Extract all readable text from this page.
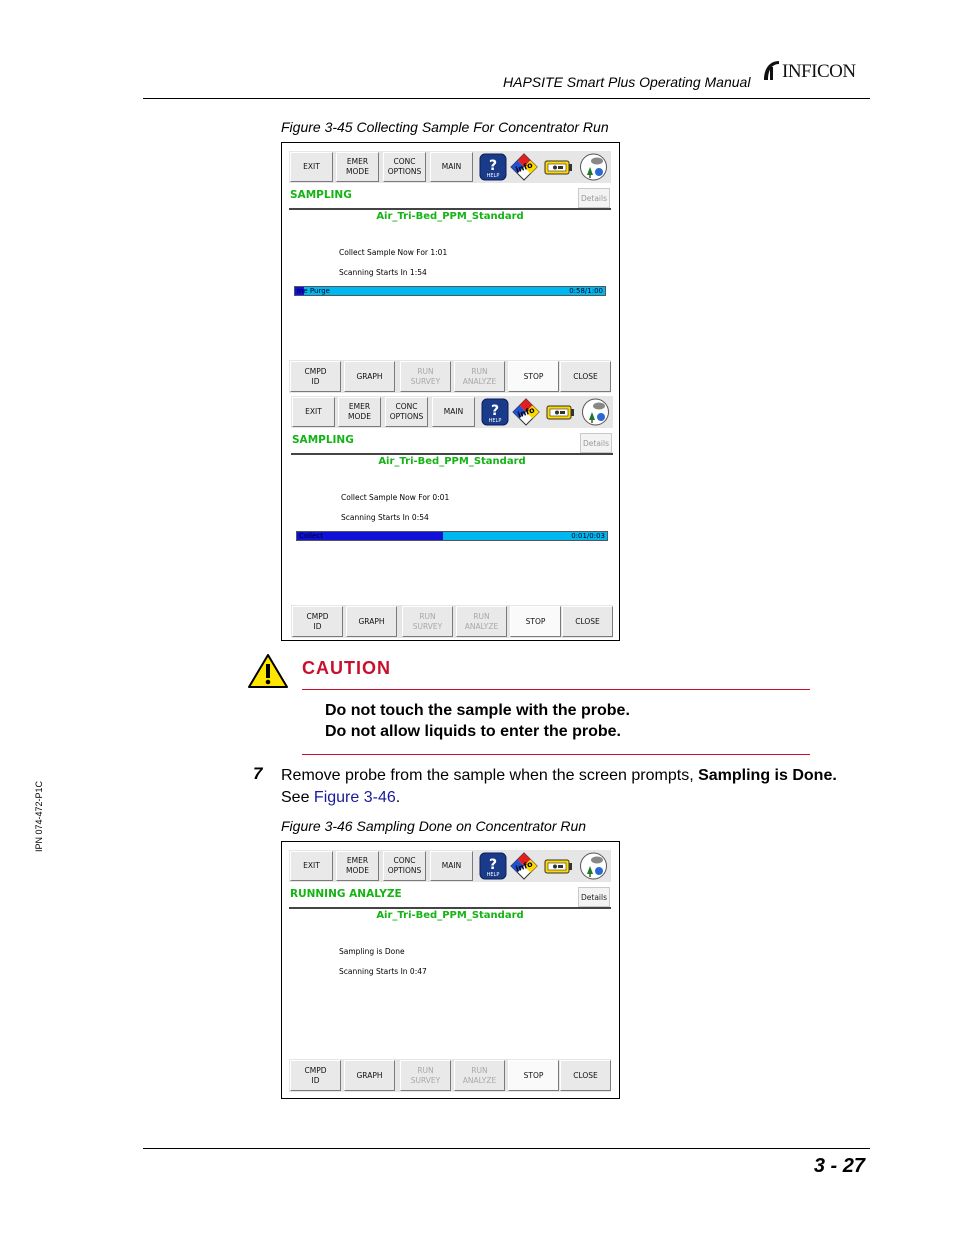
HAPSITE Smart Plus Operating Manual INFICON
Figure 3-45 Collecting Sample For Concentrator Run
EXIT
EMER
MODE
CONC
OPTIONS
MAIN	?
HELP
info
SAMPLING	Details
Air_Tri-Bed_PPM_Standard
Collect Sample Now For 1:01
Scanning Starts In 1:54
ine Purge	0:58/1:00
CMPD
ID
GRAPH
RUN
SURVEY
RUN
ANALYZE
STOP	CLOSE
EXIT
EMER
MODE
CONC
OPTIONS
MAIN	?
HELP
info
SAMPLING	Details
Air_Tri-Bed_PPM_Standard
Collect Sample Now For 0:01
Scanning Starts In 0:54
Collect	0:01/0:03
CMPD
ID
GRAPH
RUN
SURVEY
RUN
ANALYZE
STOP	CLOSE
EXIT
EMER
MODE
CONC
OPTIONS
MAIN	?
HELP
info
RUNNING ANALYZE	Details
Air_Tri-Bed_PPM_Standard
Sampling is Done
Scanning Starts In 0:47
CMPD
ID
GRAPH
RUN
SURVEY
RUN
ANALYZE
STOP	CLOSE
CAUTION
Do not touch the sample with the probe.
Do not allow liquids to enter the probe.
7 Remove probe from the sample when the screen prompts, Sampling is Done.
See Figure 3-46.
Figure 3-46 Sampling Done on Concentrator Run
IPN 074-472-P1C
3 - 27
